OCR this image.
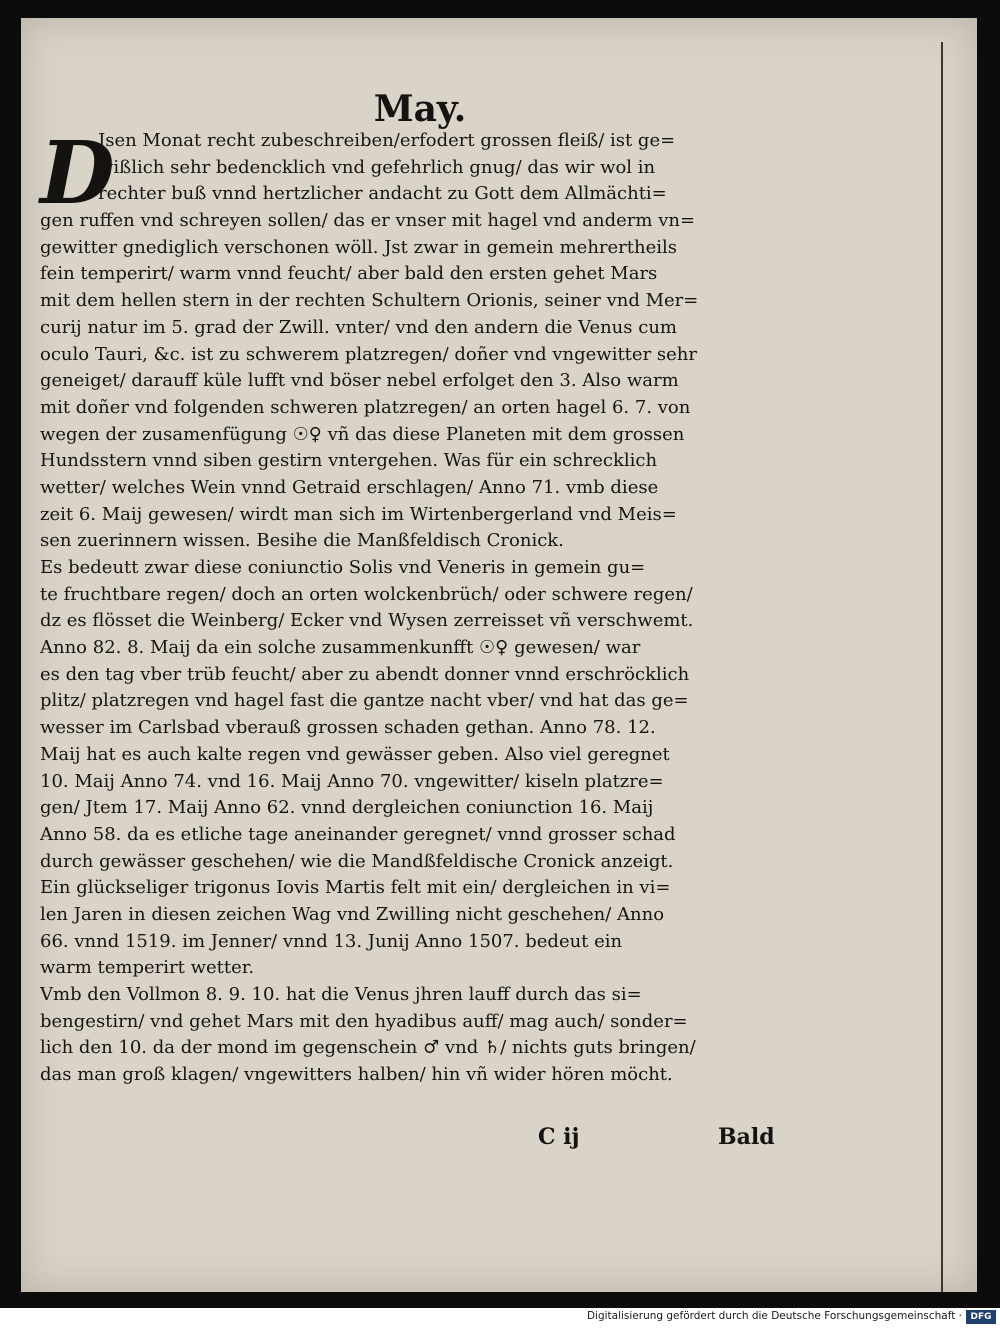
May.
D
Jsen Monat recht zubeschreiben/erfodert grossen fleiß/ ist ge=
wißlich sehr bedencklich vnd gefehrlich gnug/ das wir wol in
rechter buß vnnd hertzlicher andacht zu Gott dem Allmächti=
gen ruffen vnd schreyen sollen/ das er vnser mit hagel vnd anderm vn=
gewitter gnediglich verschonen wöll. Jst zwar in gemein mehrertheils
fein temperirt/ warm vnnd feucht/ aber bald den ersten gehet Mars
mit dem hellen stern in der rechten Schultern Orionis, seiner vnd Mer=
curij natur im 5. grad der Zwill. vnter/ vnd den andern die Venus cum
oculo Tauri, &c. ist zu schwerem platzregen/ doñer vnd vngewitter sehr
geneiget/ darauff küle lufft vnd böser nebel erfolget den 3. Also warm
mit doñer vnd folgenden schweren platzregen/ an orten hagel 6. 7. von
wegen der zusamenfügung ☉♀ vñ das diese Planeten mit dem grossen
Hundsstern vnnd siben gestirn vntergehen. Was für ein schrecklich
wetter/ welches Wein vnnd Getraid erschlagen/ Anno 71. vmb diese
zeit 6. Maij gewesen/ wirdt man sich im Wirtenbergerland vnd Meis=
sen zuerinnern wissen. Besihe die Manßfeldisch Cronick.
Es bedeutt zwar diese coniunctio Solis vnd Veneris in gemein gu=
te fruchtbare regen/ doch an orten wolckenbrüch/ oder schwere regen/
dz es flösset die Weinberg/ Ecker vnd Wysen zerreisset vñ verschwemt.
Anno 82. 8. Maij da ein solche zusammenkunfft ☉♀ gewesen/ war
es den tag vber trüb feucht/ aber zu abendt donner vnnd erschröcklich
plitz/ platzregen vnd hagel fast die gantze nacht vber/ vnd hat das ge=
wesser im Carlsbad vberauß grossen schaden gethan. Anno 78. 12.
Maij hat es auch kalte regen vnd gewässer geben. Also viel geregnet
10. Maij Anno 74. vnd 16. Maij Anno 70. vngewitter/ kiseln platzre=
gen/ Jtem 17. Maij Anno 62. vnnd dergleichen coniunction 16. Maij
Anno 58. da es etliche tage aneinander geregnet/ vnnd grosser schad
durch gewässer geschehen/ wie die Mandßfeldische Cronick anzeigt.
Ein glückseliger trigonus Iovis Martis felt mit ein/ dergleichen in vi=
len Jaren in diesen zeichen Wag vnd Zwilling nicht geschehen/ Anno
66. vnnd 1519. im Jenner/ vnnd 13. Junij Anno 1507. bedeut ein
warm temperirt wetter.
Vmb den Vollmon 8. 9. 10. hat die Venus jhren lauff durch das si=
bengestirn/ vnd gehet Mars mit den hyadibus auff/ mag auch/ sonder=
lich den 10. da der mond im gegenschein ♂ vnd ♄/ nichts guts bringen/
das man groß klagen/ vngewitters halben/ hin vñ wider hören möcht.
C ij	Bald
Digitalisierung gefördert durch die Deutsche Forschungsgemeinschaft · DFG
